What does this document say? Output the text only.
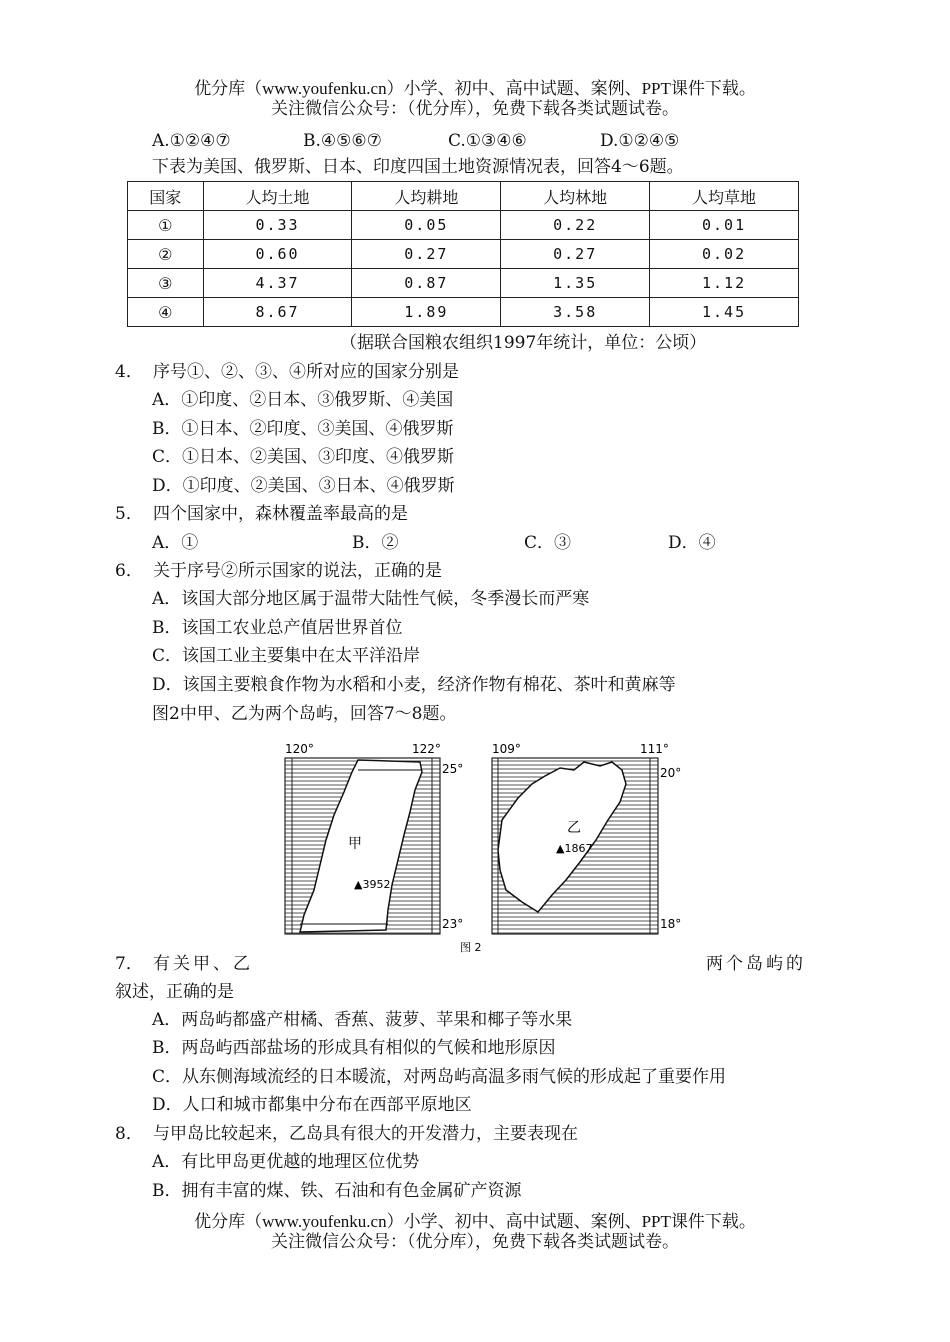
优分库（www.youfenku.cn）小学、初中、高中试题、案例、PPT课件下载。
关注微信公众号：（优分库），免费下载各类试题试卷。
A.①②④⑦	B.④⑤⑥⑦	C.①③④⑥	D.①②④⑤
下表为美国、俄罗斯、日本、印度四国土地资源情况表，回答4～6题。
国家	人均土地	人均耕地	人均林地	人均草地
①	0.33	0.05	0.22	0.01
②	0.60	0.27	0.27	0.02
③	4.37	0.87	1.35	1.12
④	8.67	1.89	3.58	1.45
（据联合国粮农组织1997年统计，单位：公顷）
4． 序号①、②、③、④所对应的国家分别是
A．①印度、②日本、③俄罗斯、④美国
B．①日本、②印度、③美国、④俄罗斯
C．①日本、②美国、③印度、④俄罗斯
D．①印度、②美国、③日本、④俄罗斯
5． 四个国家中，森林覆盖率最高的是
A．①	B．②	C．③	D．④
6． 关于序号②所示国家的说法，正确的是
A．该国大部分地区属于温带大陆性气候，冬季漫长而严寒
B．该国工农业总产值居世界首位
C．该国工业主要集中在太平洋沿岸
D．该国主要粮食作物为水稻和小麦，经济作物有棉花、茶叶和黄麻等
图2中甲、乙为两个岛屿，回答7～8题。
120°	122°
25°
23°
甲
▲3952
109°	111°
20°
18°
乙
▲1867
图 2
7． 有关甲、乙	两个岛屿的
叙述，正确的是
A．两岛屿都盛产柑橘、香蕉、菠萝、苹果和椰子等水果
B．两岛屿西部盐场的形成具有相似的气候和地形原因
C．从东侧海域流经的日本暖流，对两岛屿高温多雨气候的形成起了重要作用
D．人口和城市都集中分布在西部平原地区
8． 与甲岛比较起来，乙岛具有很大的开发潜力，主要表现在
A．有比甲岛更优越的地理区位优势
B．拥有丰富的煤、铁、石油和有色金属矿产资源
优分库（www.youfenku.cn）小学、初中、高中试题、案例、PPT课件下载。
关注微信公众号：（优分库），免费下载各类试题试卷。
